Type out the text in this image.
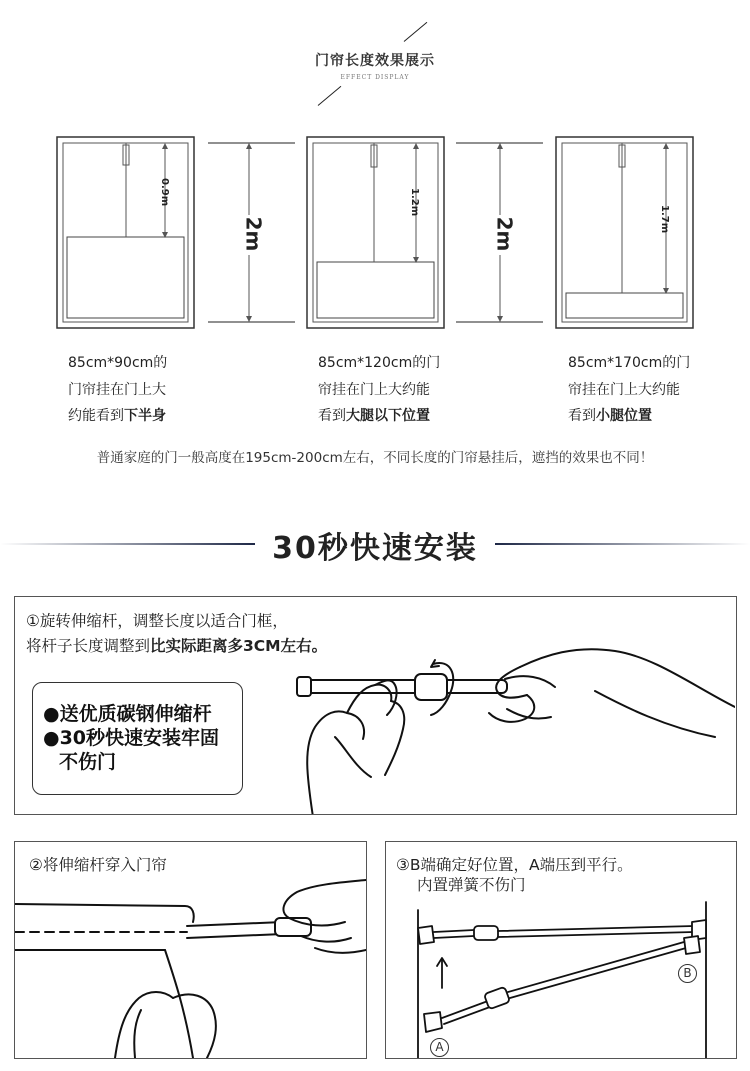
门帘长度效果展示
EFFECT DISPLAY
0.9m	1.2m
1.7m
2m	2m
85cm*90cm的
门帘挂在门上大
约能看到下半身
85cm*120cm的门
帘挂在门上大约能
看到大腿以下位置
85cm*170cm的门
帘挂在门上大约能
看到小腿位置
普通家庭的门一般高度在195cm-200cm左右，不同长度的门帘悬挂后，遮挡的效果也不同！
30秒快速安装
①旋转伸缩杆，调整长度以适合门框，
将杆子长度调整到比实际距离多3CM左右。
●送优质碳钢伸缩杆
●30秒快速安装牢固
不伤门
②将伸缩杆穿入门帘	③B端确定好位置，A端压到平行。
内置弹簧不伤门
A
B
